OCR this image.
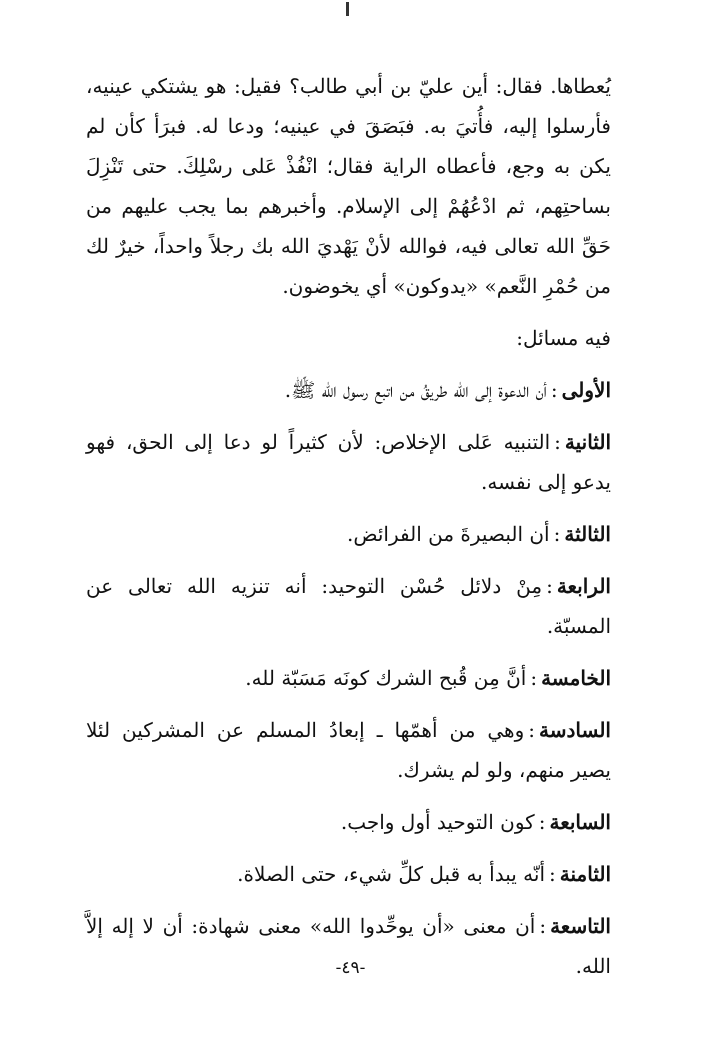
يُعطاها. فقال: أين عليّ بن أبي طالب؟ فقيل: هو يشتكي عينيه، فأرسلوا إليه، فأُتيَ به. فبَصَقَ في عينيه؛ ودعا له. فبرَأ كأن لم يكن به وجع، فأعطاه الراية فقال؛ انْفُذْ عَلى رسْلِكَ. حتى تَنْزِلَ بساحتِهم، ثم ادْعُهُمْ إلى الإسلام. وأخبرهم بما يجب عليهم من حَقِّ الله تعالى فيه، فوالله لأنْ يَهْديَ الله بك رجلاً واحداً، خيرٌ لك من حُمْرِ النَّعم» «يدوكون» أي يخوضون.

فيه مسائل:

الأولى:أن الدعوة إلى الله طريقُ من اتبع رسول الله ﷺ.

الثانية:التنبيه عَلى الإخلاص: لأن كثيراً لو دعا إلى الحق، فهو يدعو إلى نفسه.

الثالثة:أن البصيرةَ من الفرائض.

الرابعة:مِنْ دلائل حُسْن التوحيد: أنه تنزيه الله تعالى عن المسبّة.

الخامسة:أنَّ مِن قُبح الشرك كونَه مَسَبّة لله.

السادسة:وهي من أهمّها ـ إبعادُ المسلم عن المشركين لئلا يصير منهم، ولو لم يشرك.

السابعة:كون التوحيد أول واجب.

الثامنة:أنّه يبدأ به قبل كلِّ شيء، حتى الصلاة.

التاسعة:أن معنى «أن يوحِّدوا الله» معنى شهادة: أن لا إله إلاَّ الله.

-٤٩-
